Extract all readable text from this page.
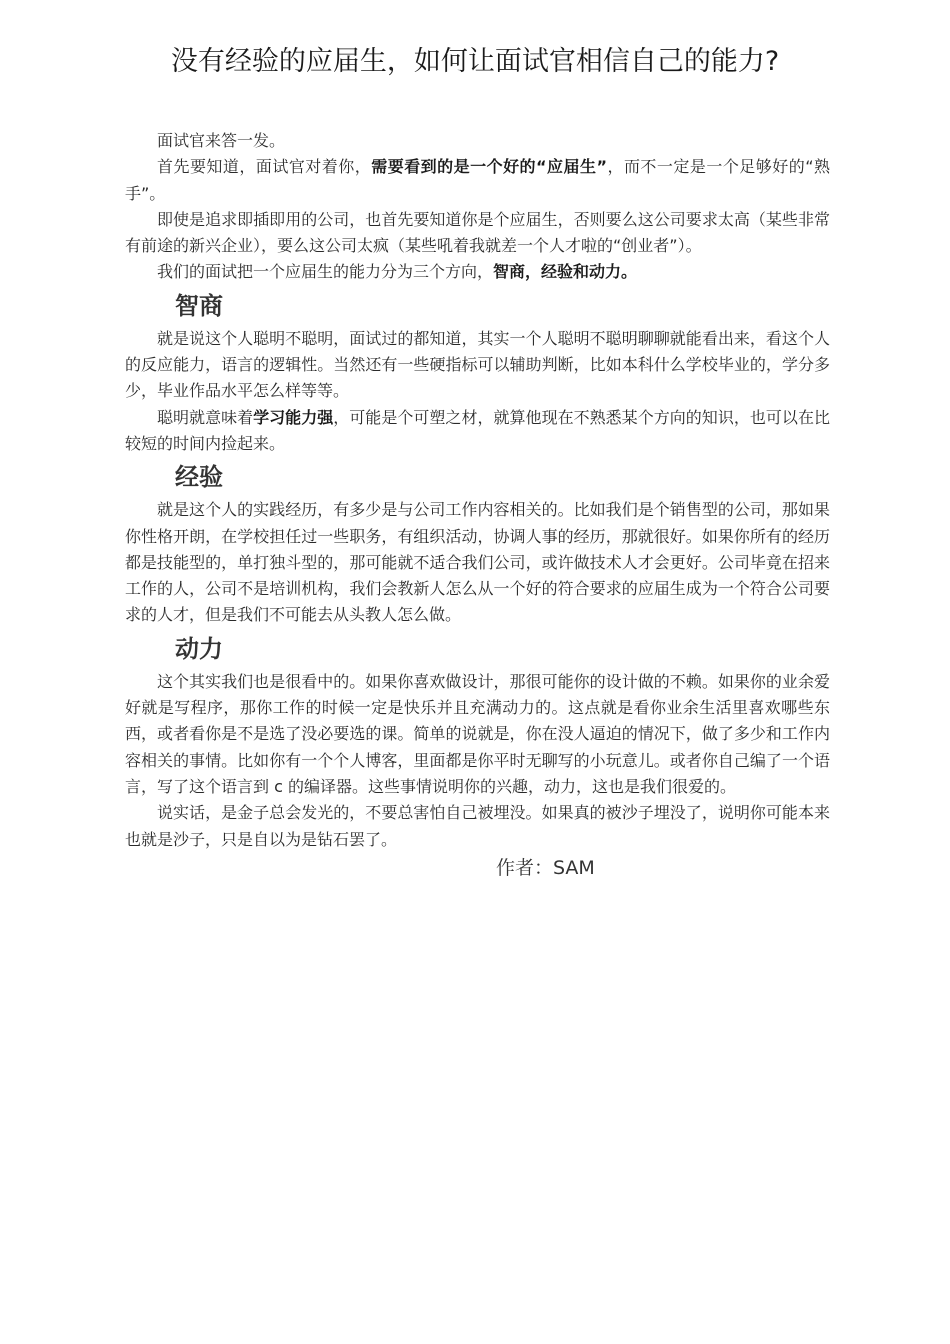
没有经验的应届生，如何让面试官相信自己的能力?

面试官来答一发。

首先要知道，面试官对着你，需要看到的是一个好的“应届生”，而不一定是一个足够好的“熟手”。

即使是追求即插即用的公司，也首先要知道你是个应届生，否则要么这公司要求太高（某些非常有前途的新兴企业），要么这公司太疯（某些吼着我就差一个人才啦的“创业者”）。

我们的面试把一个应届生的能力分为三个方向，智商，经验和动力。

智商

就是说这个人聪明不聪明，面试过的都知道，其实一个人聪明不聪明聊聊就能看出来，看这个人的反应能力，语言的逻辑性。当然还有一些硬指标可以辅助判断，比如本科什么学校毕业的，学分多少，毕业作品水平怎么样等等。

聪明就意味着学习能力强，可能是个可塑之材，就算他现在不熟悉某个方向的知识，也可以在比较短的时间内捡起来。

经验

就是这个人的实践经历，有多少是与公司工作内容相关的。比如我们是个销售型的公司，那如果你性格开朗，在学校担任过一些职务，有组织活动，协调人事的经历，那就很好。如果你所有的经历都是技能型的，单打独斗型的，那可能就不适合我们公司，或许做技术人才会更好。公司毕竟在招来工作的人，公司不是培训机构，我们会教新人怎么从一个好的符合要求的应届生成为一个符合公司要求的人才，但是我们不可能去从头教人怎么做。

动力

这个其实我们也是很看中的。如果你喜欢做设计，那很可能你的设计做的不赖。如果你的业余爱好就是写程序，那你工作的时候一定是快乐并且充满动力的。这点就是看你业余生活里喜欢哪些东西，或者看你是不是选了没必要选的课。简单的说就是，你在没人逼迫的情况下，做了多少和工作内容相关的事情。比如你有一个个人博客，里面都是你平时无聊写的小玩意儿。或者你自己编了一个语言，写了这个语言到 c 的编译器。这些事情说明你的兴趣，动力，这也是我们很爱的。

说实话，是金子总会发光的，不要总害怕自己被埋没。如果真的被沙子埋没了，说明你可能本来也就是沙子，只是自以为是钻石罢了。

作者：SAM
